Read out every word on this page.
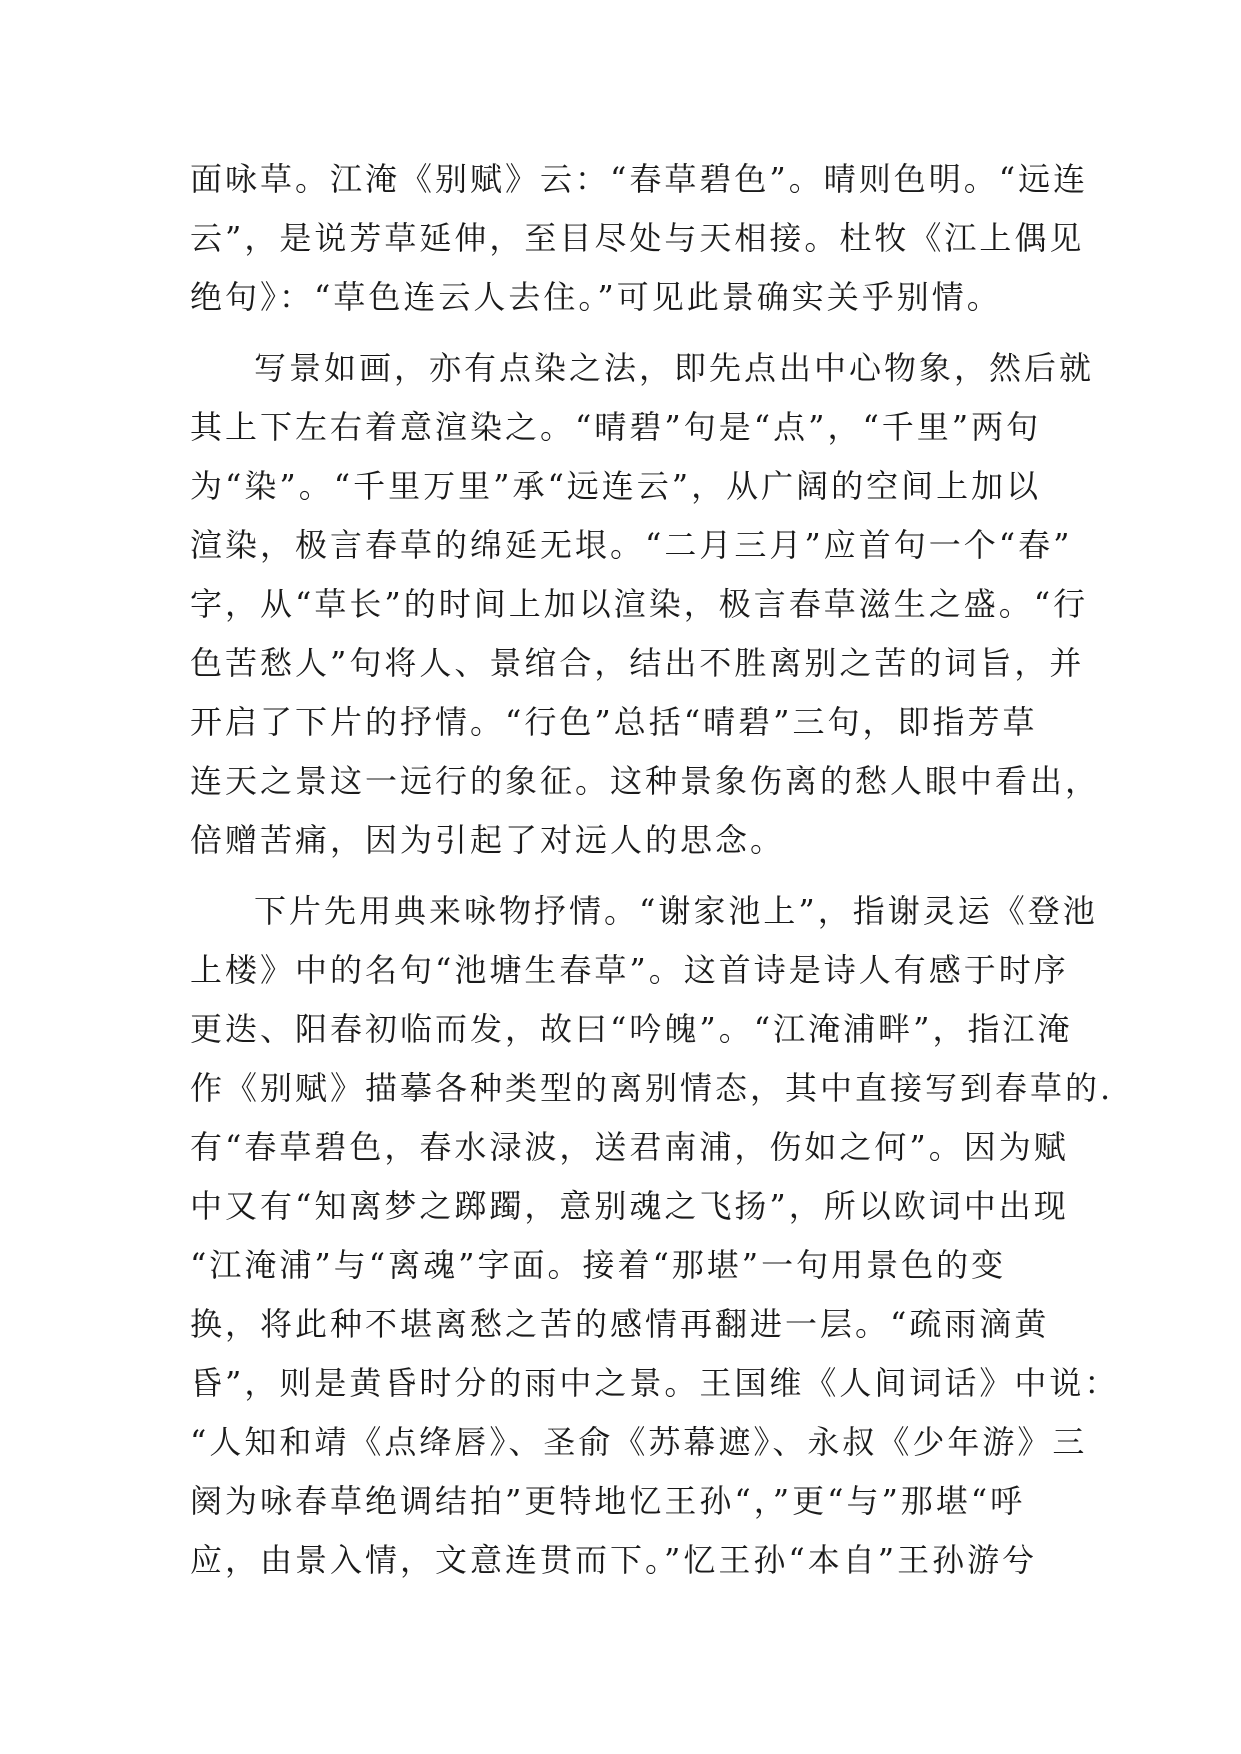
面咏草。江淹《别赋》云：“春草碧色”。晴则色明。“远连
云”，是说芳草延伸，至目尽处与天相接。杜牧《江上偶见
绝句》：“草色连云人去住。”可见此景确实关乎别情。
写景如画，亦有点染之法，即先点出中心物象，然后就
其上下左右着意渲染之。“晴碧”句是“点”，“千里”两句
为“染”。“千里万里”承“远连云”，从广阔的空间上加以
渲染，极言春草的绵延无垠。“二月三月”应首句一个“春”
字，从“草长”的时间上加以渲染，极言春草滋生之盛。“行
色苦愁人”句将人、景绾合，结出不胜离别之苦的词旨，并
开启了下片的抒情。“行色”总括“晴碧”三句，即指芳草
连天之景这一远行的象征。这种景象伤离的愁人眼中看出，
倍赠苦痛，因为引起了对远人的思念。
下片先用典来咏物抒情。“谢家池上”，指谢灵运《登池
上楼》中的名句“池塘生春草”。这首诗是诗人有感于时序
更迭、阳春初临而发，故曰“吟魄”。“江淹浦畔”，指江淹
作《别赋》描摹各种类型的离别情态，其中直接写到春草的.
有“春草碧色，春水渌波，送君南浦，伤如之何”。因为赋
中又有“知离梦之踯躅，意别魂之飞扬”，所以欧词中出现
“江淹浦”与“离魂”字面。接着“那堪”一句用景色的变
换，将此种不堪离愁之苦的感情再翻进一层。“疏雨滴黄
昏”，则是黄昏时分的雨中之景。王国维《人间词话》中说：
“人知和靖《点绛唇》、圣俞《苏幕遮》、永叔《少年游》三
阕为咏春草绝调结拍”更特地忆王孙“，”更“与”那堪“呼
应，由景入情，文意连贯而下。”忆王孙“本自”王孙游兮
